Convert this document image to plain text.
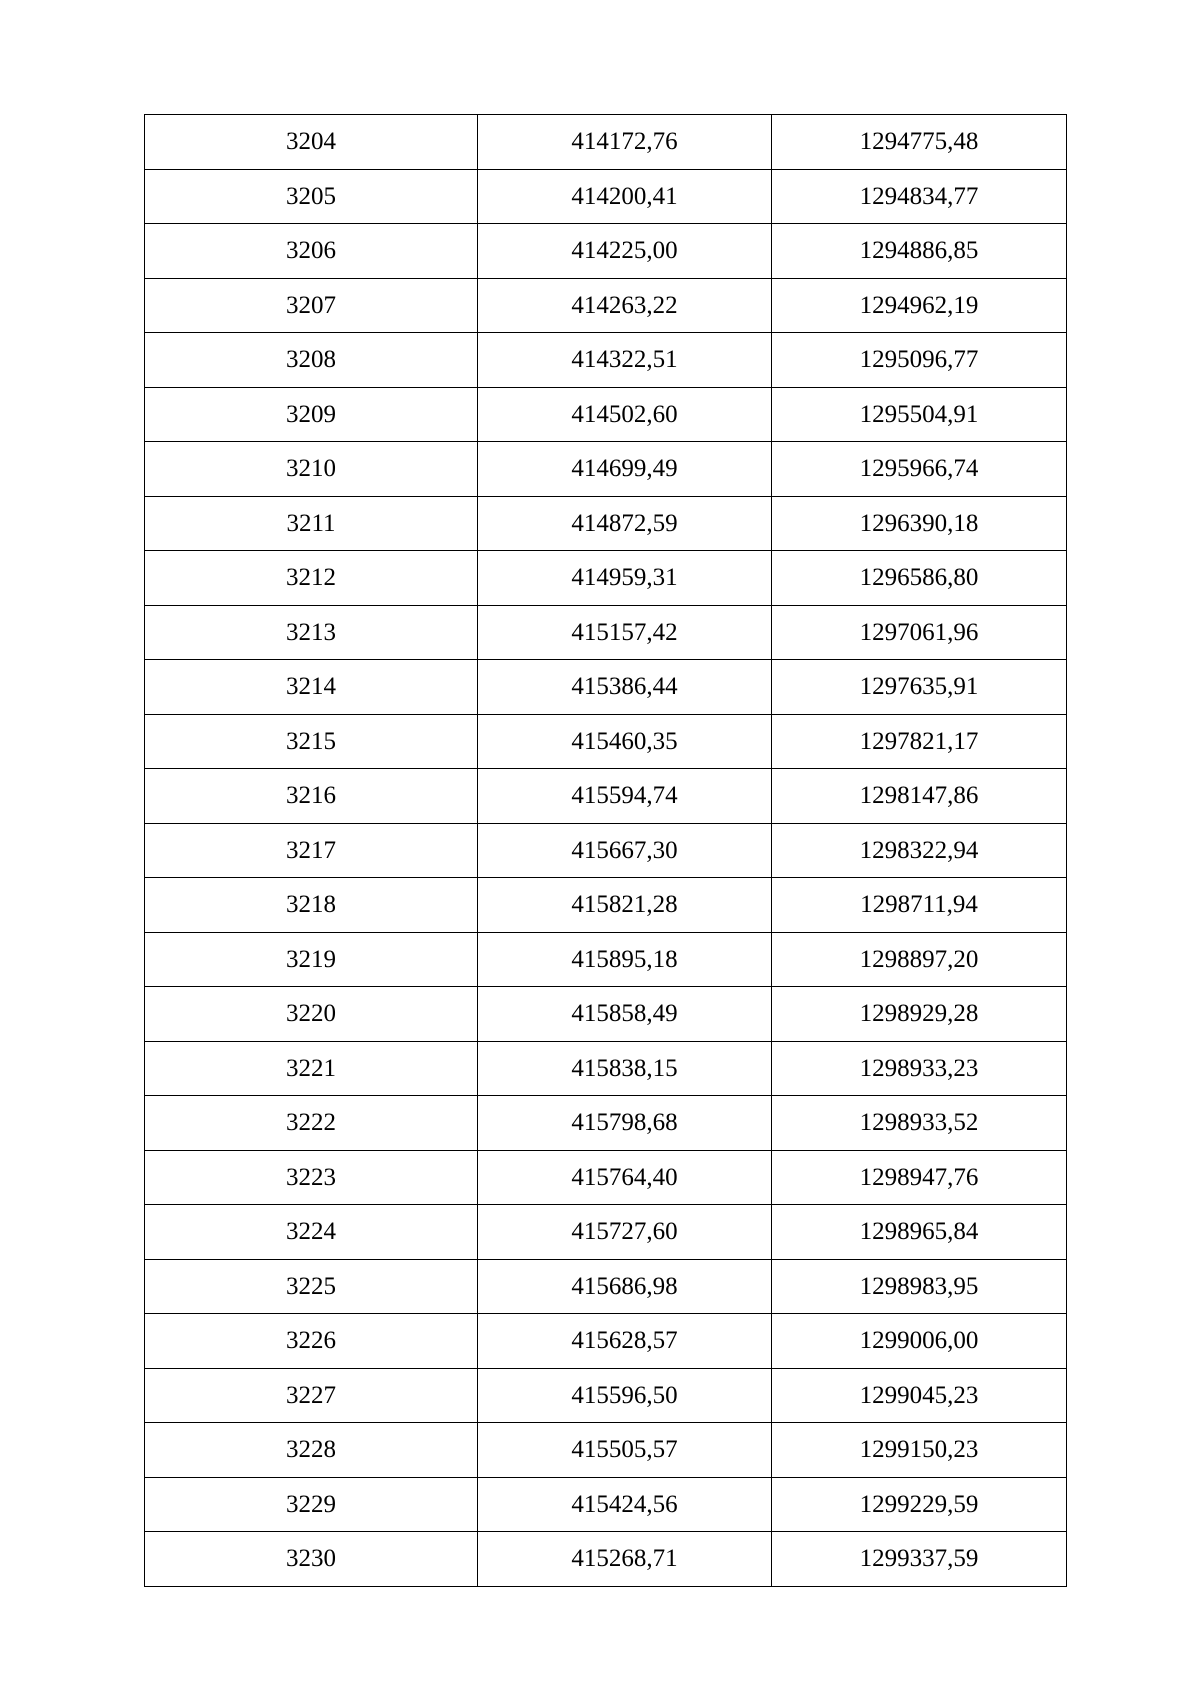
3204	414172,76	1294775,48
3205	414200,41	1294834,77
3206	414225,00	1294886,85
3207	414263,22	1294962,19
3208	414322,51	1295096,77
3209	414502,60	1295504,91
3210	414699,49	1295966,74
3211	414872,59	1296390,18
3212	414959,31	1296586,80
3213	415157,42	1297061,96
3214	415386,44	1297635,91
3215	415460,35	1297821,17
3216	415594,74	1298147,86
3217	415667,30	1298322,94
3218	415821,28	1298711,94
3219	415895,18	1298897,20
3220	415858,49	1298929,28
3221	415838,15	1298933,23
3222	415798,68	1298933,52
3223	415764,40	1298947,76
3224	415727,60	1298965,84
3225	415686,98	1298983,95
3226	415628,57	1299006,00
3227	415596,50	1299045,23
3228	415505,57	1299150,23
3229	415424,56	1299229,59
3230	415268,71	1299337,59
